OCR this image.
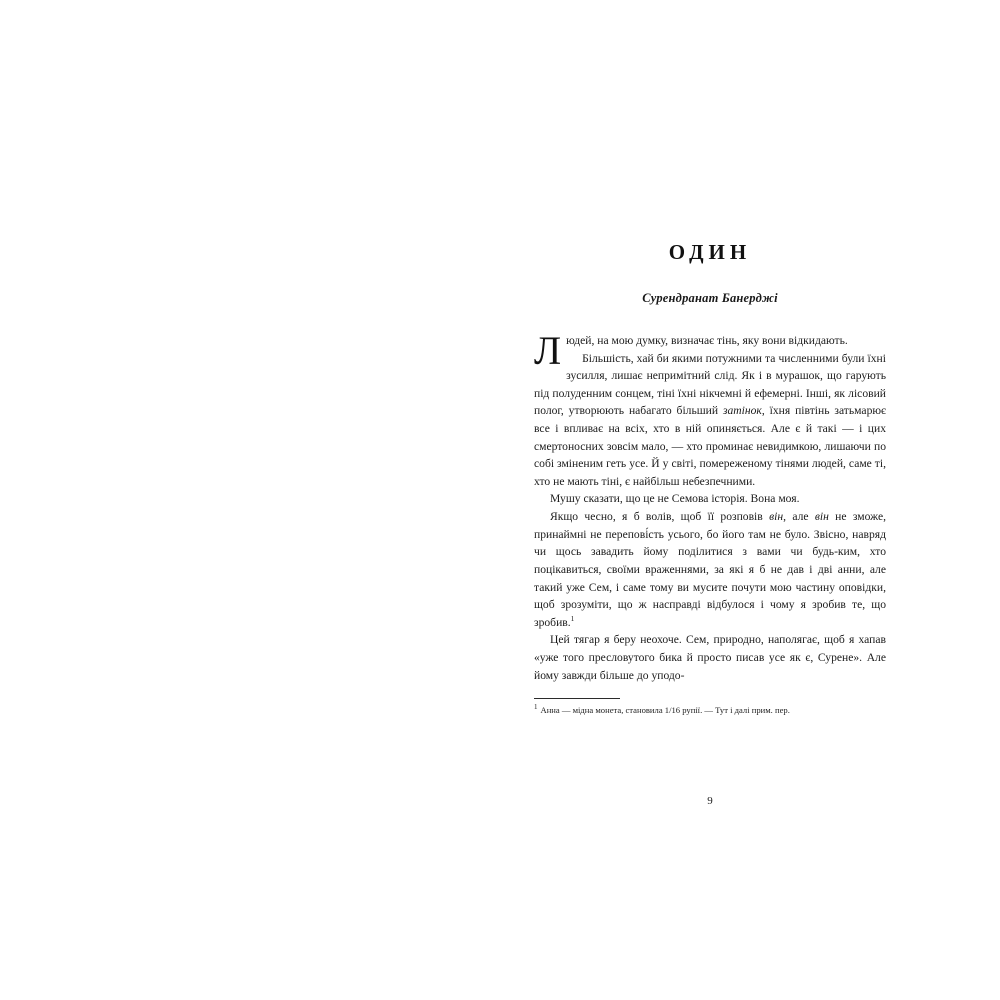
ОДИН
Сурендранат Банерджі

Людей, на мою думку, визначає тінь, яку вони відкидають.

Більшість, хай би якими потужними та численними були їхні зусилля, лишає непримітний слід. Як і в мурашок, що гарують під полуденним сонцем, тіні їхні нікчемні й ефемерні. Інші, як лісовий полог, утворюють набагато більший затінок, їхня півтінь затьмарює все і впливає на всіх, хто в ній опиняється. Але є й такі — і цих смертоносних зовсім мало, — хто проминає невидимкою, лишаючи по собі зміненим геть усе. Й у світі, помереженому тінями людей, саме ті, хто не мають тіні, є найбільш небезпечними.

Мушу сказати, що це не Семова історія. Вона моя.

Якщо чесно, я б волів, щоб її розповів він, але він не зможе, принаймні не перепові́сть усього, бо його там не було. Звісно, навряд чи щось завадить йому поділитися з вами чи будь-ким, хто поцікавиться, своїми враженнями, за які я б не дав і дві анни, але такий уже Сем, і саме тому ви мусите почути мою частину оповідки, щоб зрозуміти, що ж насправді відбулося і чому я зробив те, що зробив.$^1$

Цей тягар я беру неохоче. Сем, природно, наполягає, щоб я хапав «уже того пресловутого бика й просто писав усе як є, Сурене». Але йому завжди більше до уподо-

$^1$ Анна — мідна монета, становила 1/16 рупії. — Тут і далі прим. пер.
9
